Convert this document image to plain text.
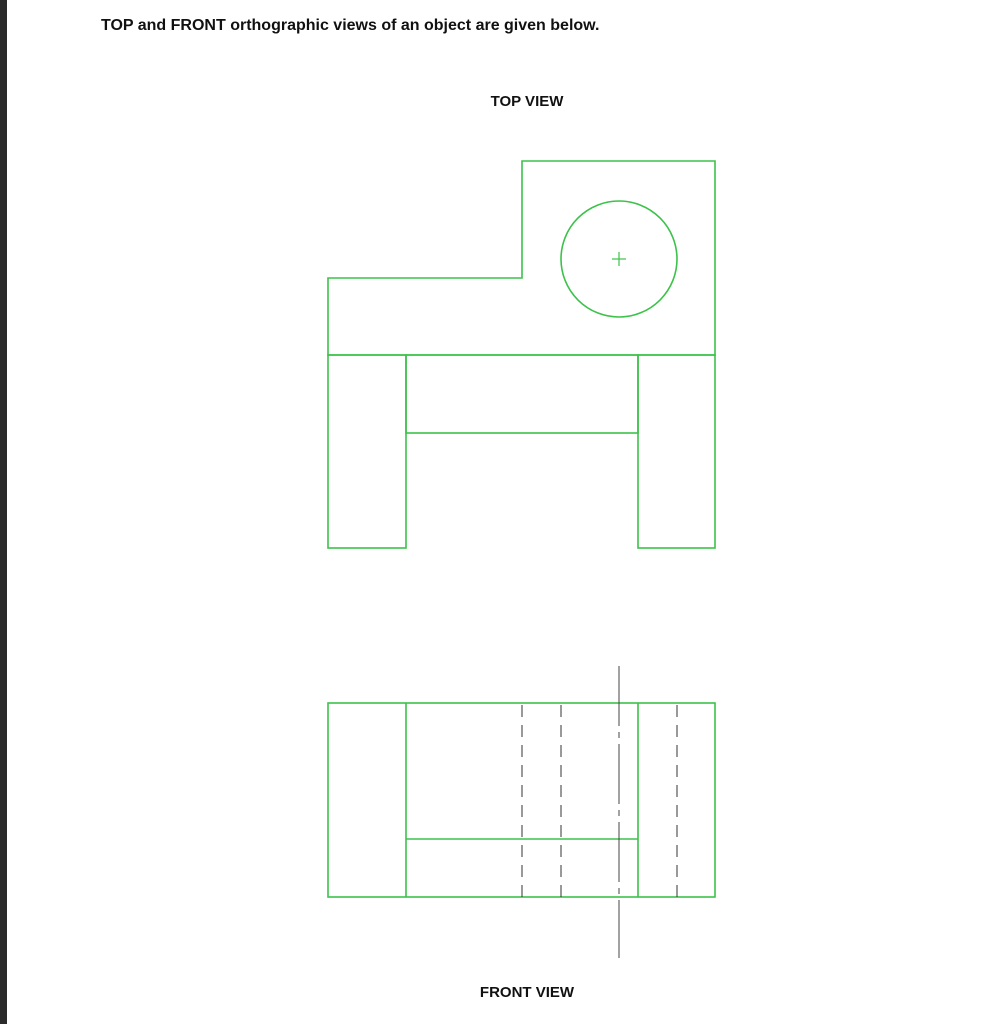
TOP and FRONT orthographic views of an object are given below.
TOP VIEW
FRONT VIEW
